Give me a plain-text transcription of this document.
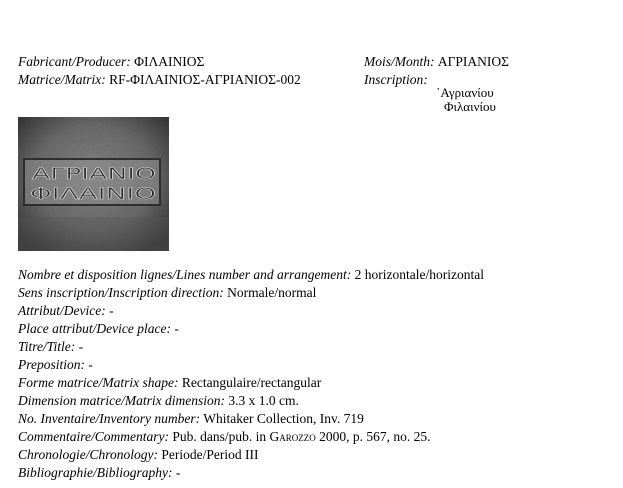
Fabricant/Producer: ΦΙΛΑΙΝΙΟΣ
Matrice/Matrix: RF-ΦΙΛΑΙΝΙΟΣ-ΑΓΡΙΑΝΙΟΣ-002
Mois/Month: ΑΓΡΙΑΝΙΟΣ
Inscription:
᾿Αγριανίου
Φιλαινίου
ΑΓΡΙΑΝΙΟ
ΦΙΛΑΙΝΙΟ
Nombre et disposition lignes/Lines number and arrangement: 2 horizontale/horizontal
Sens inscription/Inscription direction: Normale/normal
Attribut/Device: -
Place attribut/Device place: -
Titre/Title: -
Preposition: -
Forme matrice/Matrix shape: Rectangulaire/rectangular
Dimension matrice/Matrix dimension: 3.3 x 1.0 cm.
No. Inventaire/Inventory number: Whitaker Collection, Inv. 719
Commentaire/Commentary: Pub. dans/pub. in Garozzo 2000, p. 567, no. 25.
Chronologie/Chronology: Periode/Period III
Bibliographie/Bibliography: -
